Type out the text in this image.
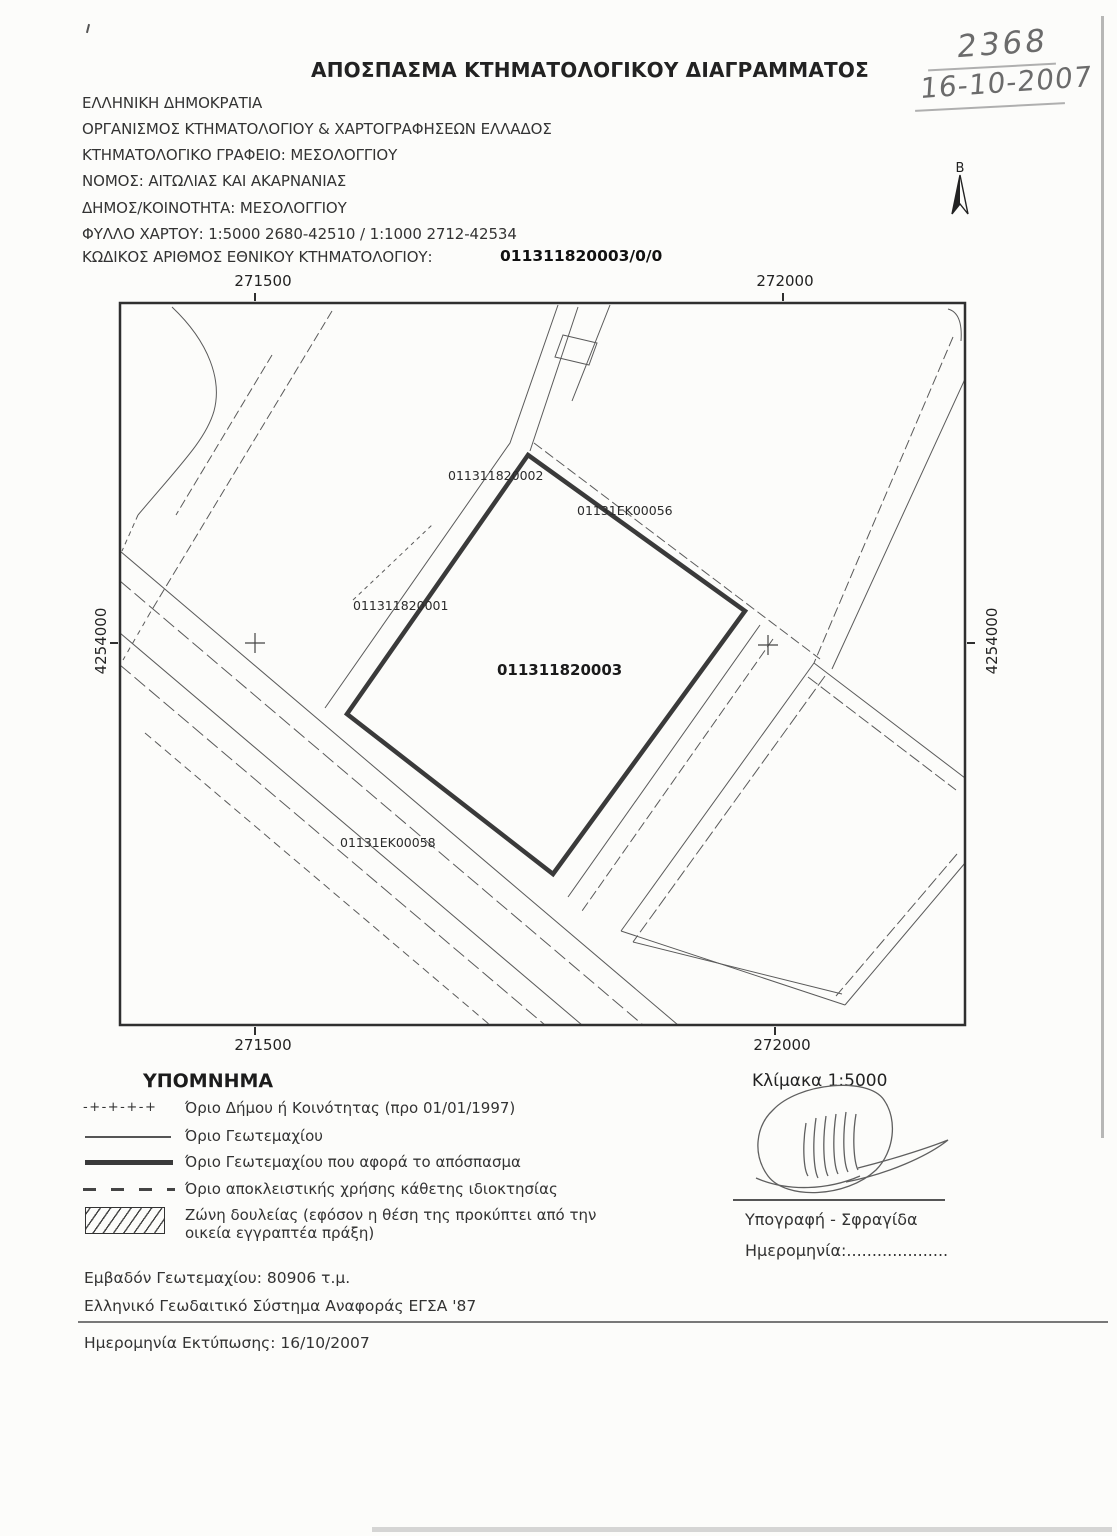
ΑΠΟΣΠΑΣΜΑ ΚΤΗΜΑΤΟΛΟΓΙΚΟΥ ΔΙΑΓΡΑΜΜΑΤΟΣ
ΕΛΛΗΝΙΚΗ ΔΗΜΟΚΡΑΤΙΑ
ΟΡΓΑΝΙΣΜΟΣ ΚΤΗΜΑΤΟΛΟΓΙΟΥ & ΧΑΡΤΟΓΡΑΦΗΣΕΩΝ ΕΛΛΑΔΟΣ
ΚΤΗΜΑΤΟΛΟΓΙΚΟ ΓΡΑΦΕΙΟ: ΜΕΣΟΛΟΓΓΙΟΥ
ΝΟΜΟΣ: ΑΙΤΩΛΙΑΣ ΚΑΙ ΑΚΑΡΝΑΝΙΑΣ
ΔΗΜΟΣ/ΚΟΙΝΟΤΗΤΑ: ΜΕΣΟΛΟΓΓΙΟΥ
ΦΥΛΛΟ ΧΑΡΤΟΥ: 1:5000 2680-42510 / 1:1000 2712-42534
ΚΩΔΙΚΟΣ ΑΡΙΘΜΟΣ ΕΘΝΙΚΟΥ ΚΤΗΜΑΤΟΛΟΓΙΟΥ:	011311820003/0/0
2368
16-10-2007
Β
271500	272000
271500	272000
4254000	4254000
011311820002
01131EK00056
011311820001
011311820003
01131EK00058
ΥΠΟΜΝΗΜΑ
-+-+-+-+ Όριο Δήμου ή Κοινότητας (προ 01/01/1997)
Όριο Γεωτεμαχίου
Όριο Γεωτεμαχίου που αφορά το απόσπασμα
Όριο αποκλειστικής χρήσης κάθετης ιδιοκτησίας
Ζώνη δουλείας (εφόσον η θέση της προκύπτει από την οικεία εγγραπτέα πράξη)
Κλίμακα 1:5000
Υπογραφή - Σφραγίδα
Ημερομηνία:....................
Εμβαδόν Γεωτεμαχίου: 80906 τ.μ.
Ελληνικό Γεωδαιτικό Σύστημα Αναφοράς ΕΓΣΑ '87
Ημερομηνία Εκτύπωσης: 16/10/2007
